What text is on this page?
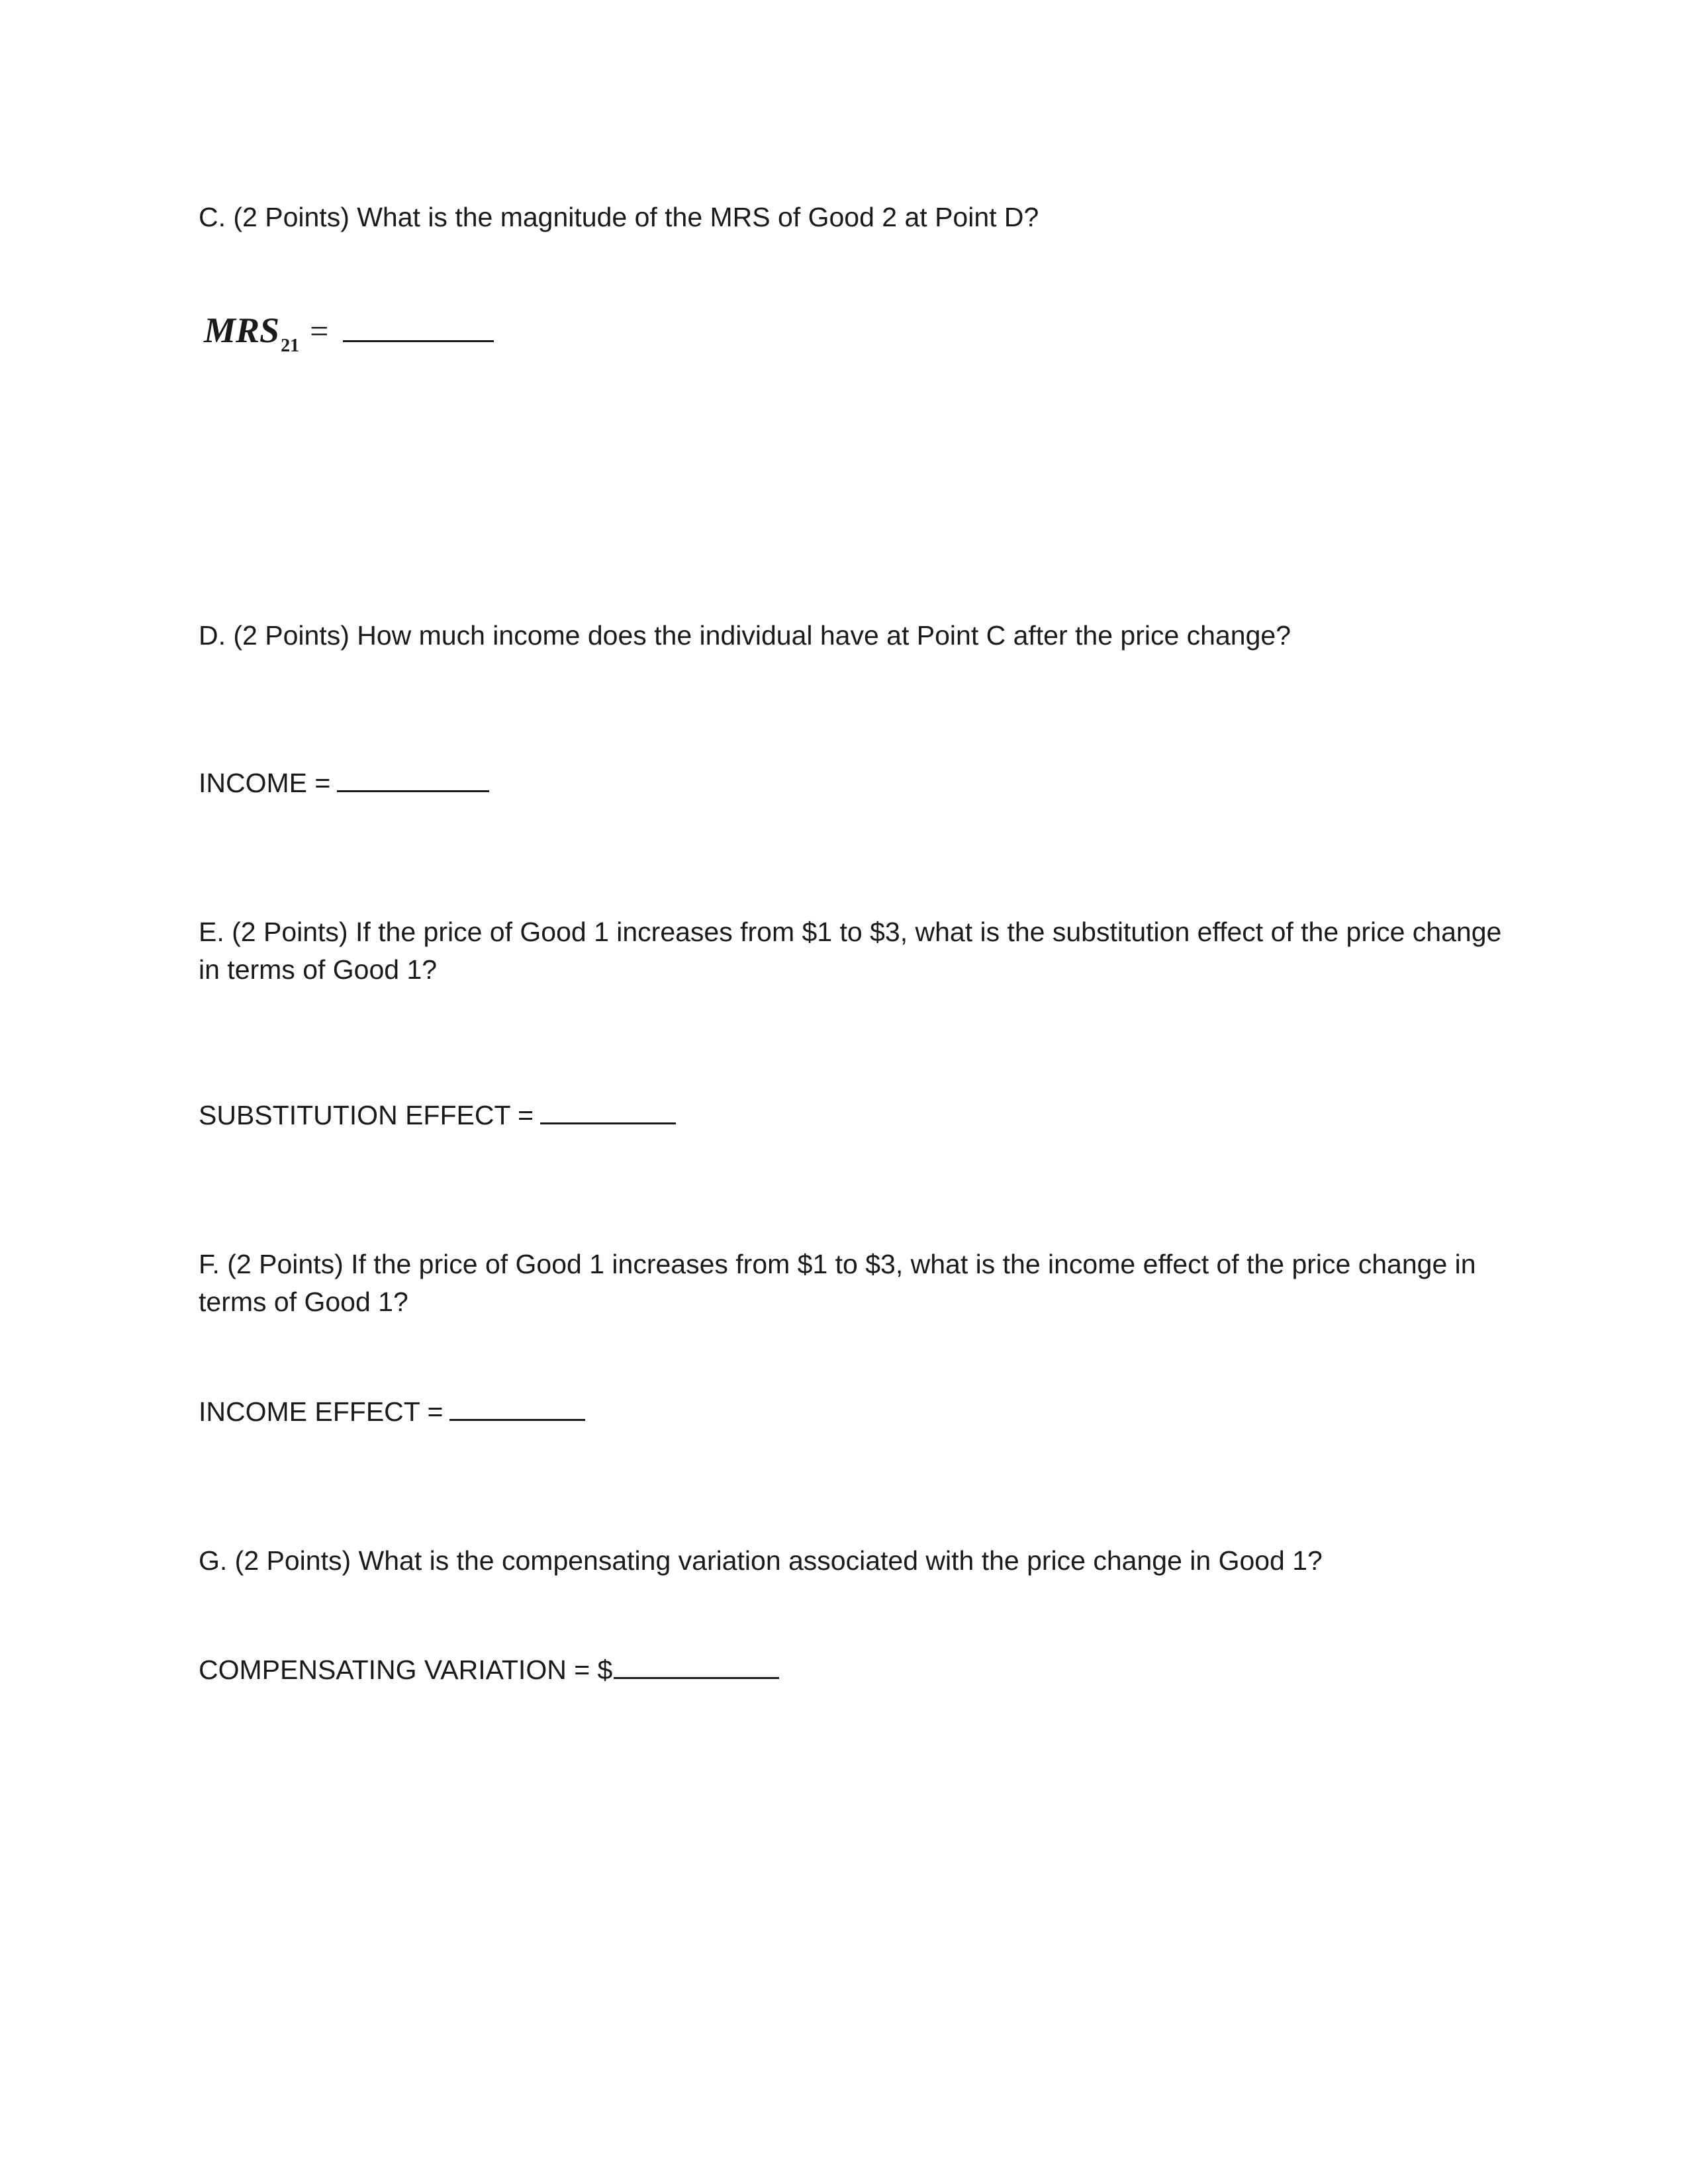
C. (2 Points) What is the magnitude of the MRS of Good 2 at Point D?
MRS21 =
D. (2 Points) How much income does the individual have at Point C after the price change?
INCOME =
E. (2 Points) If the price of Good 1 increases from $1 to $3, what is the substitution effect of the price change in terms of Good 1?
SUBSTITUTION EFFECT =
F. (2 Points) If the price of Good 1 increases from $1 to $3, what is the income effect of the price change in terms of Good 1?
INCOME EFFECT =
G. (2 Points) What is the compensating variation associated with the price change in Good 1?
COMPENSATING VARIATION = $
